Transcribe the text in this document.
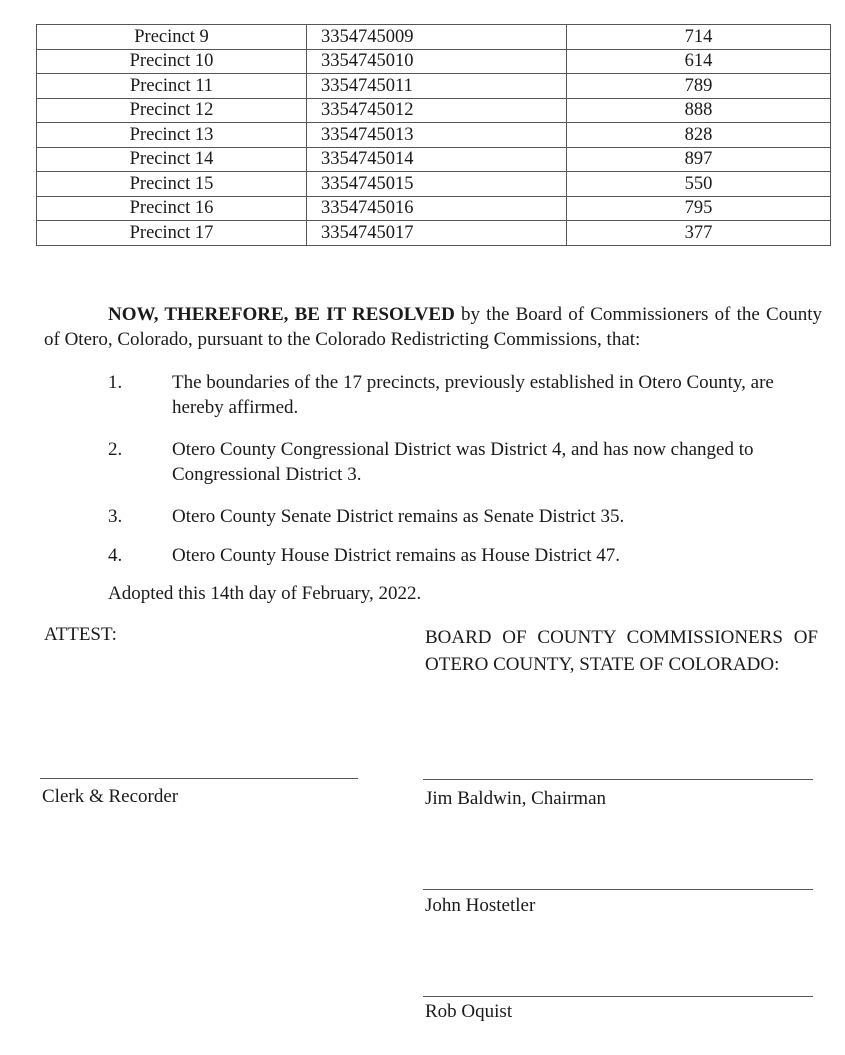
Precinct 9	3354745009	714
Precinct 10	3354745010	614
Precinct 11	3354745011	789
Precinct 12	3354745012	888
Precinct 13	3354745013	828
Precinct 14	3354745014	897
Precinct 15	3354745015	550
Precinct 16	3354745016	795
Precinct 17	3354745017	377

NOW, THEREFORE, BE IT RESOLVED by the Board of Commissioners of the County of Otero, Colorado, pursuant to the Colorado Redistricting Commissions, that:

1.	The boundaries of the 17 precincts, previously established in Otero County, are hereby affirmed.
2.	Otero County Congressional District was District 4, and has now changed to Congressional District 3.
3.	Otero County Senate District remains as Senate District 35.
4.	Otero County House District remains as House District 47.
Adopted this 14th day of February, 2022.
ATTEST:	BOARD OF COUNTY COMMISSIONERS OF OTERO COUNTY, STATE OF COLORADO:
Clerk & Recorder	Jim Baldwin, Chairman
John Hostetler
Rob Oquist
